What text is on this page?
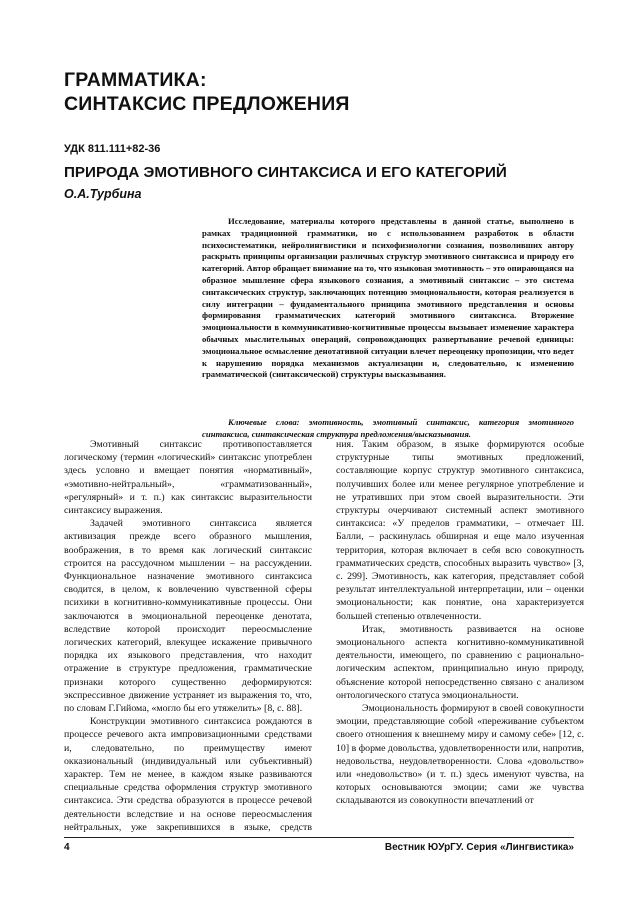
ГРАММАТИКА:
СИНТАКСИС ПРЕДЛОЖЕНИЯ
УДК 811.111+82-36
ПРИРОДА ЭМОТИВНОГО СИНТАКСИСА И ЕГО КАТЕГОРИЙ
О.А.Турбина

Исследование, материалы которого представлены в данной статье, выполнено в рамках традиционной грамматики, но с использованием разработок в области психосистематики, нейролингвистики и психофизиологии сознания, позволивших автору раскрыть принципы организации различных структур эмотивного синтаксиса и природу его категорий. Автор обращает внимание на то, что языковая эмотивность – это опирающаяся на образное мышление сфера языкового сознания, а эмотивный синтаксис – это система синтаксических структур, заключающих потенцию эмоциональности, которая реализуется в силу интеграции – фундаментального принципа эмотивного представления и основы формирования грамматических категорий эмотивного синтаксиса. Вторжение эмоциональности в коммуникативно-когнитивные процессы вызывает изменение характера обычных мыслительных операций, сопровождающих развертывание речевой единицы: эмоциональное осмысление денотативной ситуации влечет переоценку пропозиции, что ведет к нарушению порядка механизмов актуализации и, следовательно, к изменению грамматической (синтаксической) структуры высказывания.

Ключевые слова: эмотивность, эмотивный синтаксис, категория эмотивного синтаксиса, синтаксическая структура предложения/высказывания.

Эмотивный синтаксис противопоставляется логическому (термин «логический» синтаксис употреблен здесь условно и вмещает понятия «нормативный», «эмотивно-нейтральный», «грамматизованный», «регулярный» и т. п.) как синтаксис выразительности синтаксису выражения.

Задачей эмотивного синтаксиса является активизация прежде всего образного мышления, воображения, в то время как логический синтаксис строится на рассудочном мышлении – на рассуждении. Функциональное назначение эмотивного синтаксиса сводится, в целом, к вовлечению чувственной сферы психики в когнитивно-коммуникативные процессы. Они заключаются в эмоциональной переоценке денотата, вследствие которой происходит переосмысление логических категорий, влекущее искажение привычного порядка их языкового представления, что находит отражение в структуре предложения, грамматические признаки которого существенно деформируются: экспрессивное движение устраняет из выражения то, что, по словам Г.Гийома, «могло бы его утяжелить» [8, с. 88].

Конструкции эмотивного синтаксиса рождаются в процессе речевого акта импровизационными средствами и, следовательно, по преимуществу имеют окказиональный (индивидуальный или субъективный) характер. Тем не менее, в каждом языке развиваются специальные средства оформления структур эмотивного синтаксиса. Эти средства образуются в процессе речевой деятельности вследствие и на основе переосмысления нейтральных, уже закрепившихся в языке, средств

ния. Таким образом, в языке формируются особые структурные типы эмотивных предложений, составляющие корпус структур эмотивного синтаксиса, получивших более или менее регулярное употребление и не утративших при этом своей выразительности. Эти структуры очерчивают системный аспект эмотивного синтаксиса: «У пределов грамматики, – отмечает Ш. Балли, – раскинулась обширная и еще мало изученная территория, которая включает в себя всю совокупность грамматических средств, способных выразить чувство» [3, с. 299]. Эмотивность, как категория, представляет собой результат интеллектуальной интерпретации, или – оценки эмоциональности; как понятие, она характеризуется большей степенью отвлеченности.

Итак, эмотивность развивается на основе эмоционального аспекта когнитивно-коммуникативной деятельности, имеющего, по сравнению с рационально-логическим аспектом, принципиально иную природу, объяснение которой непосредственно связано с анализом онтологического статуса эмоциональности.

Эмоциональность формируют в своей совокупности эмоции, представляющие собой «переживание субъектом своего отношения к внешнему миру и самому себе» [12, с. 10] в форме довольства, удовлетворенности или, напротив, недовольства, неудовлетворенности. Слова «довольство» или «недовольство» (и т. п.) здесь именуют чувства, на которых основываются эмоции; сами же чувства складываются из совокупности впечатлений от

4	Вестник ЮУрГУ. Серия «Лингвистика»
